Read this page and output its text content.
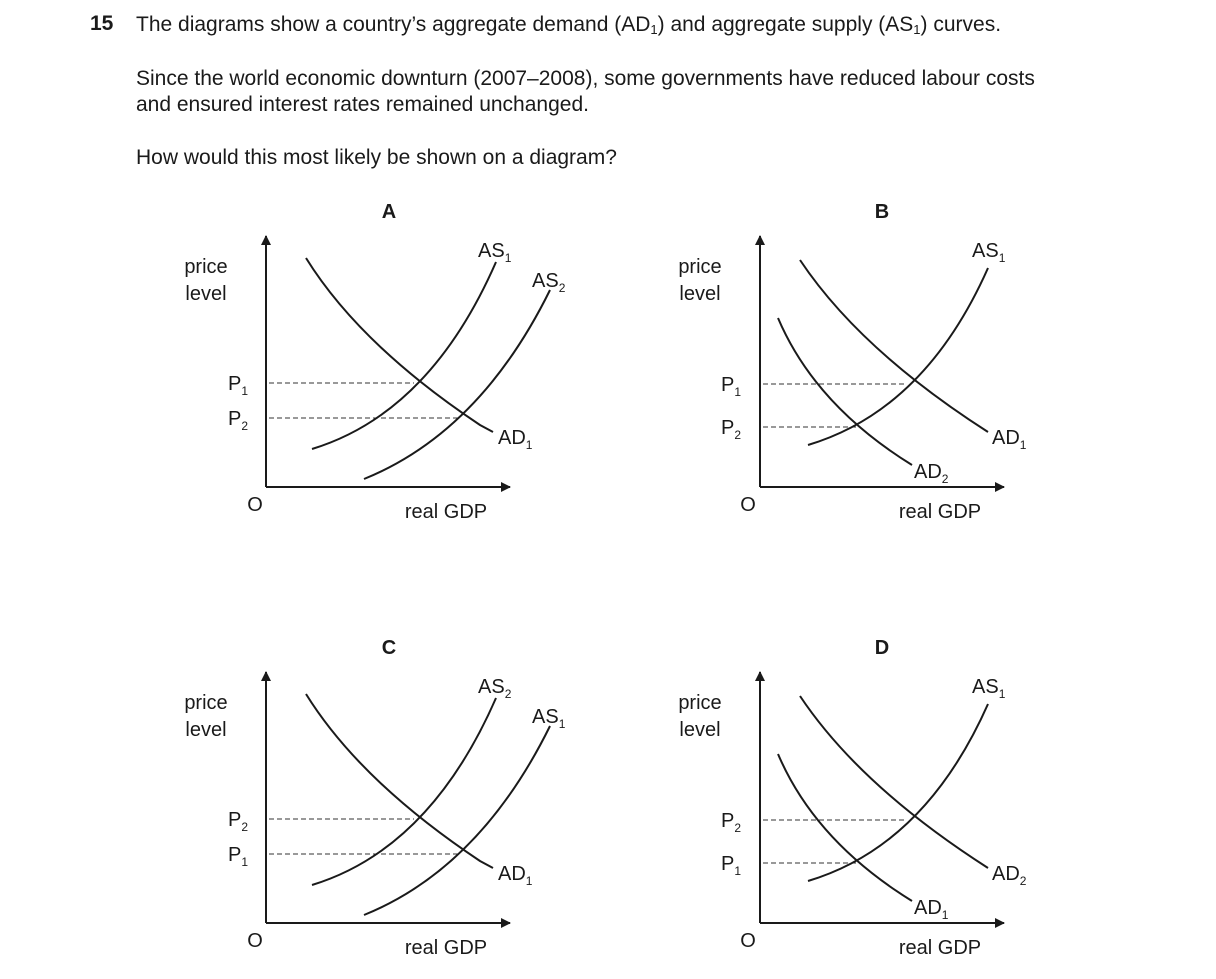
15 The diagrams show a country’s aggregate demand $(AD_1)$ and aggregate supply $(AS_1)$ curves.
Since the world economic downturn (2007–2008), some governments have reduced labour costs
and ensured interest rates remained unchanged.
How would this most likely be shown on a diagram?
A
price
level
O	real GDP
$P_1$
$P_2$
$AS_1$
$AS_2$
$AD_1$
B
price
level
O	real GDP
$P_1$
$P_2$
$AS_1$
$AD_1$
$AD_2$
C
price
level
O	real GDP
$P_2$
$P_1$
$AS_2$
$AS_1$
$AD_1$
D
price
level
O	real GDP
$P_2$
$P_1$
$AS_1$
$AD_2$
$AD_1$
